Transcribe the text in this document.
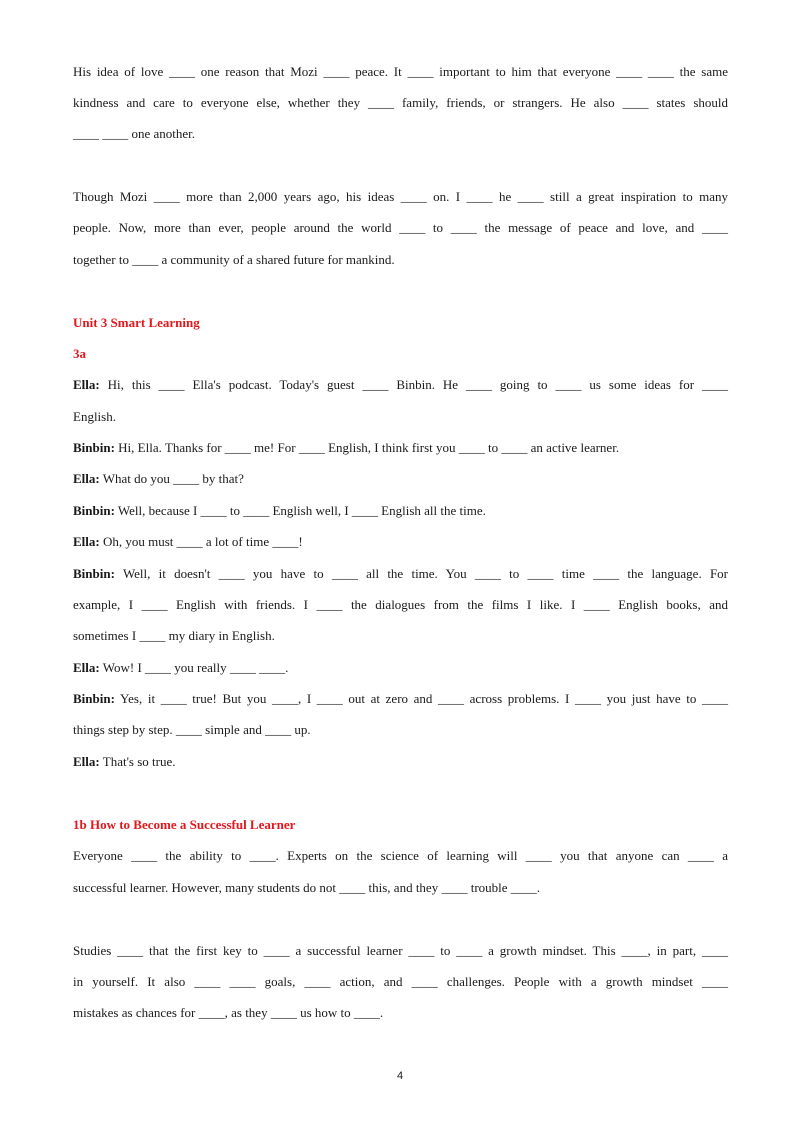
His idea of love ____ one reason that Mozi ____ peace. It ____ important to him that everyone ____ ____ the same
kindness and care to everyone else, whether they ____ family, friends, or strangers. He also ____ states should
____ ____ one another.
Though Mozi ____ more than 2,000 years ago, his ideas ____ on. I ____ he ____ still a great inspiration to many
people. Now, more than ever, people around the world ____ to ____ the message of peace and love, and ____
together to ____ a community of a shared future for mankind.
Unit 3 Smart Learning
3a
Ella: Hi, this ____ Ella's podcast. Today's guest ____ Binbin. He ____ going to ____ us some ideas for ____
English.
Binbin: Hi, Ella. Thanks for ____ me! For ____ English, I think first you ____ to ____ an active learner.
Ella: What do you ____ by that?
Binbin: Well, because I ____ to ____ English well, I ____ English all the time.
Ella: Oh, you must ____ a lot of time ____!
Binbin: Well, it doesn't ____ you have to ____ all the time. You ____ to ____ time ____ the language. For
example, I ____ English with friends. I ____ the dialogues from the films I like. I ____ English books, and
sometimes I ____ my diary in English.
Ella: Wow! I ____ you really ____ ____.
Binbin: Yes, it ____ true! But you ____, I ____ out at zero and ____ across problems. I ____ you just have to ____
things step by step. ____ simple and ____ up.
Ella: That's so true.
1b How to Become a Successful Learner
Everyone ____ the ability to ____. Experts on the science of learning will ____ you that anyone can ____ a
successful learner. However, many students do not ____ this, and they ____ trouble ____.
Studies ____ that the first key to ____ a successful learner ____ to ____ a growth mindset. This ____, in part, ____
in yourself. It also ____ ____ goals, ____ action, and ____ challenges. People with a growth mindset ____
mistakes as chances for ____, as they ____ us how to ____.
4
